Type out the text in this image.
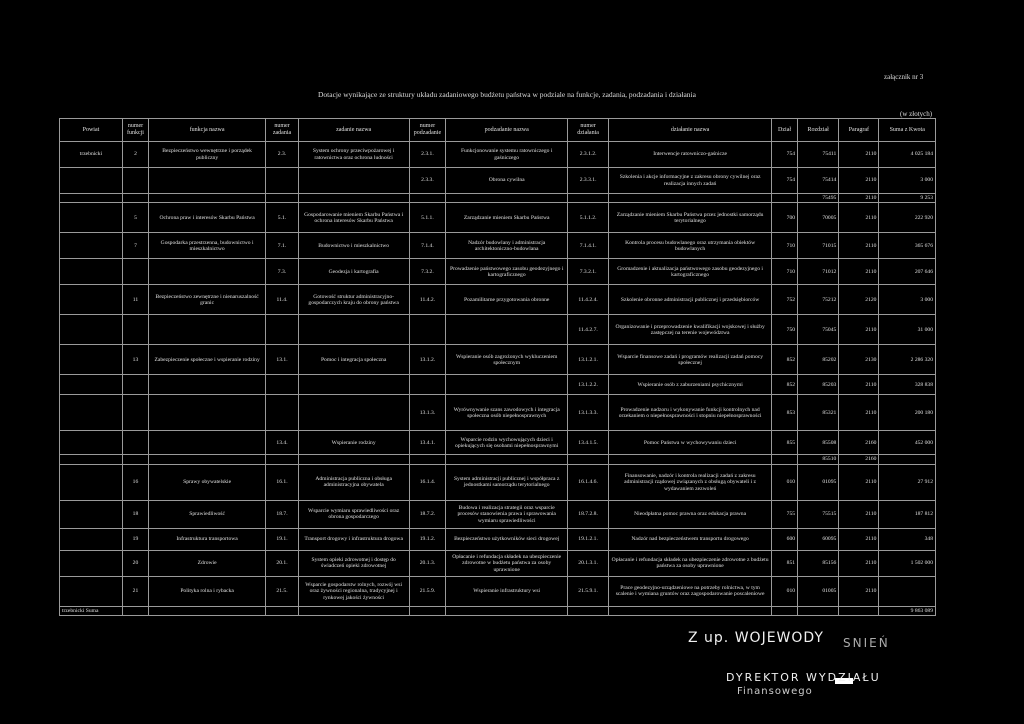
załącznik nr 3
Dotacje wynikające ze struktury układu zadaniowego budżetu państwa w podziale na funkcje, zadania, podzadania i działania
(w złotych)
Powiat	numer funkcji	funkcja nazwa	numer zadania	zadanie nazwa	numer podzadanie	podzadanie nazwa	numer działania	działanie nazwa	Dział	Rozdział	Paragraf	Suma z Kwota
trzebnicki	2	Bezpieczeństwo wewnętrzne i porządek publiczny	2.3.	System ochrony przeciwpożarowej i ratownictwa oraz ochrona ludności	2.3.1.	Funkcjonowanie systemu ratowniczego i gaśniczego	2.3.1.2.	Interwencje ratowniczo-gaśnicze	754	75411	2110	4 025 184
					2.3.3.	Obrona cywilna	2.3.3.1.	Szkolenia i akcje informacyjne z zakresu obrony cywilnej oraz realizacja innych zadań	754	75414	2110	3 000
										75495	2110	9 253
	5	Ochrona praw i interesów Skarbu Państwa	5.1.	Gospodarowanie mieniem Skarbu Państwa i ochrona interesów Skarbu Państwa	5.1.1.	Zarządzanie mieniem Skarbu Państwa	5.1.1.2.	Zarządzanie mieniem Skarbu Państwa przez jednostki samorządu terytorialnego	700	70005	2110	222 920
	7	Gospodarka przestrzenna, budownictwo i mieszkalnictwo	7.1.	Budownictwo i mieszkalnictwo	7.1.4.	Nadzór budowlany i administracja architektoniczno-budowlana	7.1.4.1.	Kontrola procesu budowlanego oraz utrzymania obiektów budowlanych	710	71015	2110	365 676
			7.3.	Geodezja i kartografia	7.3.2.	Prowadzenie państwowego zasobu geodezyjnego i kartograficznego	7.3.2.1.	Gromadzenie i aktualizacja państwowego zasobu geodezyjnego i kartograficznego	710	71012	2110	207 646
	11	Bezpieczeństwo zewnętrzne i nienaruszalność granic	11.4.	Gotowość struktur administracyjno-gospodarczych kraju do obrony państwa	11.4.2.	Pozamilitarne przygotowania obronne	11.4.2.4.	Szkolenie obronne administracji publicznej i przedsiębiorców	752	75212	2120	3 000
							11.4.2.7.	Organizowanie i przeprowadzenie kwalifikacji wojskowej i służby zastępczej na terenie województwa	750	75045	2110	31 000
	13	Zabezpieczenie społeczne i wspieranie rodziny	13.1.	Pomoc i integracja społeczna	13.1.2.	Wspieranie osób zagrożonych wykluczeniem społecznym	13.1.2.1.	Wsparcie finansowe zadań i programów realizacji zadań pomocy społecznej	852	85202	2130	2 286 320
							13.1.2.2.	Wspieranie osób z zaburzeniami psychicznymi	852	85203	2110	328 838
					13.1.3.	Wyrównywanie szans zawodowych i integracja społeczna osób niepełnosprawnych	13.1.3.3.	Prowadzenie nadzoru i wykonywanie funkcji kontrolnych nad orzekaniem o niepełnosprawności i stopniu niepełnosprawności	853	85321	2110	200 180
			13.4.	Wspieranie rodziny	13.4.1.	Wsparcie rodzin wychowujących dzieci i opiekujących się osobami niepełnosprawnymi	13.4.1.5.	Pomoc Państwa w wychowywaniu dzieci	855	85508	2160	452 000
										85510	2160	
	16	Sprawy obywatelskie	16.1.	Administracja publiczna i obsługa administracyjna obywatela	16.1.4.	System administracji publicznej i współpraca z jednostkami samorządu terytorialnego	16.1.4.6.	Finansowanie, nadzór i kontrola realizacji zadań z zakresu administracji rządowej związanych z obsługą obywateli i z wydawaniem zezwoleń	010	01095	2110	27 912
	18	Sprawiedliwość	18.7.	Wsparcie wymiaru sprawiedliwości oraz obrona gospodarczego	18.7.2.	Budowa i realizacja strategii oraz wsparcie procesów stanowienia prawa i sprawowania wymiaru sprawiedliwości	18.7.2.8.	Nieodpłatna pomoc prawna oraz edukacja prawna	755	75515	2110	187 812
	19	Infrastruktura transportowa	19.1.	Transport drogowy i infrastruktura drogowa	19.1.2.	Bezpieczeństwo użytkowników sieci drogowej	19.1.2.1.	Nadzór nad bezpieczeństwem transportu drogowego	600	60095	2110	348
	20	Zdrowie	20.1.	System opieki zdrowotnej i dostęp do świadczeń opieki zdrowotnej	20.1.3.	Opłacanie i refundacja składek na ubezpieczenie zdrowotne w budżetu państwa za osoby uprawnione	20.1.3.1.	Opłacanie i refundacja składek na ubezpieczenie zdrowotne z budżetu państwa za osoby uprawnione	851	85156	2110	1 502 000
	21	Polityka rolna i rybacka	21.5.	Wsparcie gospodarstw rolnych, rozwój wsi oraz żywności regionalna, tradycyjnej i rynkowej jakości żywności	21.5.9.	Wspieranie infrastruktury wsi	21.5.9.1.	Prace geodezyjno-urządzeniowe na potrzeby rolnictwa, w tym scalenie i wymiana gruntów oraz zagospodarowanie poscaleniowe	010	01005	2110	
trzebnicki Suma												9 863 089
Z up. WOJEWODY SNIEŃ
DYREKTOR WYDZIAŁU
Finansowego
